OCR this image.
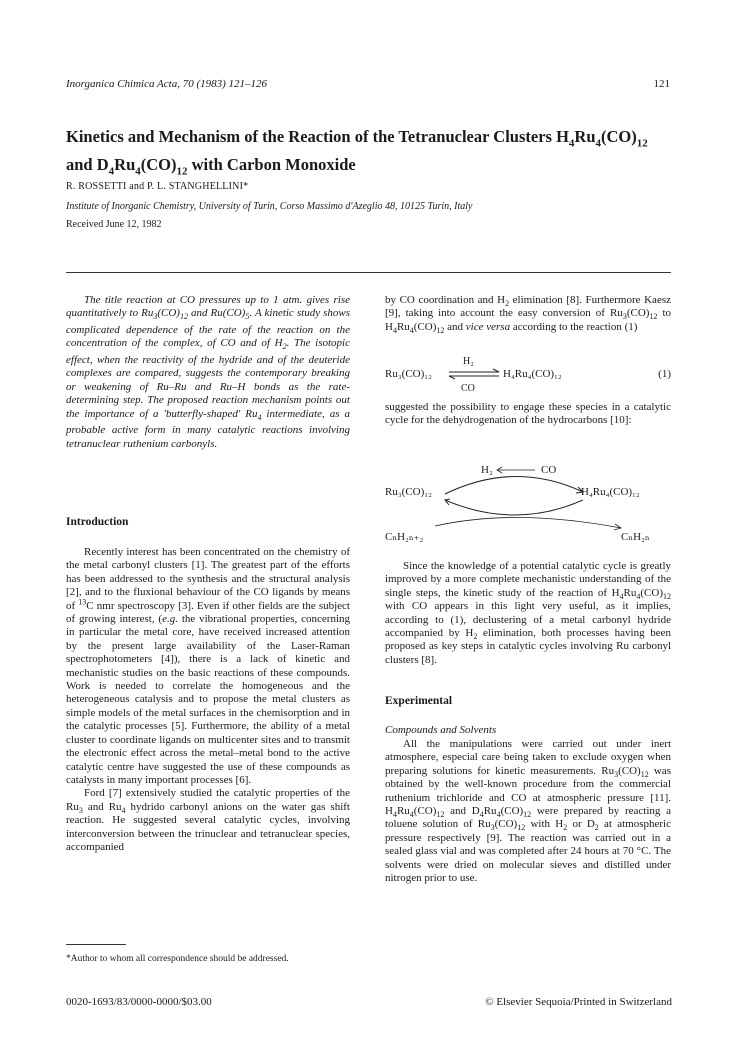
Inorganica Chimica Acta, 70 (1983) 121–126	121
Kinetics and Mechanism of the Reaction of the Tetranuclear Clusters $H_4Ru_4(CO)_{12}$
and $D_4Ru_4(CO)_{12}$ with Carbon Monoxide
R. ROSSETTI and P. L. STANGHELLINI*
Institute of Inorganic Chemistry, University of Turin, Corso Massimo d'Azeglio 48, 10125 Turin, Italy
Received June 12, 1982
The title reaction at CO pressures up to 1 atm. gives rise quantitatively to $Ru_3(CO)_{12}$ and $Ru(CO)_5$. A kinetic study shows complicated dependence of the rate of the reaction on the concentration of the complex, of CO and of $H_2$. The isotopic effect, when the reactivity of the hydride and of the deuteride complexes are compared, suggests the contemporary breaking or weakening of Ru–Ru and Ru–H bonds as the rate-determining step. The proposed reaction mechanism points out the importance of a 'butterfly-shaped' $Ru_4$ intermediate, as a probable active form in many catalytic reactions involving tetranuclear ruthenium carbonyls.
Introduction

Recently interest has been concentrated on the chemistry of the metal carbonyl clusters [1]. The greatest part of the efforts has been addressed to the synthesis and the structural analysis [2], and to the fluxional behaviour of the CO ligands by means of $^{13}$C nmr spectroscopy [3]. Even if other fields are the subject of growing interest, (e.g. the vibrational properties, concerning in particular the metal core, have received increased attention by the present large availability of the Laser-Raman spectrophotometers [4]), there is a lack of kinetic and mechanistic studies on the basic reactions of these compounds. Work is needed to correlate the homogeneous and the heterogeneous catalysis and to propose the metal clusters as simple models of the metal surfaces in the chemisorption and in the catalytic processes [5]. Furthermore, the ability of a metal cluster to coordinate ligands on multicenter sites and to transmit the electronic effect across the metal–metal bond to the active catalytic centre have suggested the use of these compounds as catalysts in many important processes [6].

Ford [7] extensively studied the catalytic properties of the $Ru_3$ and $Ru_4$ hydrido carbonyl anions on the water gas shift reaction. He suggested several catalytic cycles, involving interconversion between the trinuclear and tetranuclear species, accompanied

*Author to whom all correspondence should be addressed.
0020-1693/83/0000-0000/$03.00	© Elsevier Sequoia/Printed in Switzerland

by CO coordination and $H_2$ elimination [8]. Furthermore Kaesz [9], taking into account the easy conversion of $Ru_3(CO)_{12}$ to $H_4Ru_4(CO)_{12}$ and vice versa according to the reaction (1)

Ru₃(CO)₁₂
H₂
CO
H₄Ru₄(CO)₁₂	(1)

suggested the possibility to engage these species in a catalytic cycle for the dehydrogenation of the hydrocarbons [10]:

H₂	CO
Ru₃(CO)₁₂	H₄Ru₄(CO)₁₂
CₙH₂ₙ₊₂	CₙH₂ₙ

Since the knowledge of a potential catalytic cycle is greatly improved by a more complete mechanistic understanding of the single steps, the kinetic study of the reaction of $H_4Ru_4(CO)_{12}$ with CO appears in this light very useful, as it implies, according to (1), declustering of a metal carbonyl hydride accompanied by $H_2$ elimination, both processes having been proposed as key steps in catalytic cycles involving Ru carbonyl clusters [8].

Experimental
Compounds and Solvents

All the manipulations were carried out under inert atmosphere, especial care being taken to exclude oxygen when preparing solutions for kinetic measurements. $Ru_3(CO)_{12}$ was obtained by the well-known procedure from the commercial ruthenium trichloride and CO at atmospheric pressure [11]. $H_4Ru_4(CO)_{12}$ and $D_4Ru_4(CO)_{12}$ were prepared by reacting a toluene solution of $Ru_3(CO)_{12}$ with $H_2$ or $D_2$ at atmospheric pressure respectively [9]. The reaction was carried out in a sealed glass vial and was completed after 24 hours at 70 °C. The solvents were dried on molecular sieves and distilled under nitrogen prior to use.
